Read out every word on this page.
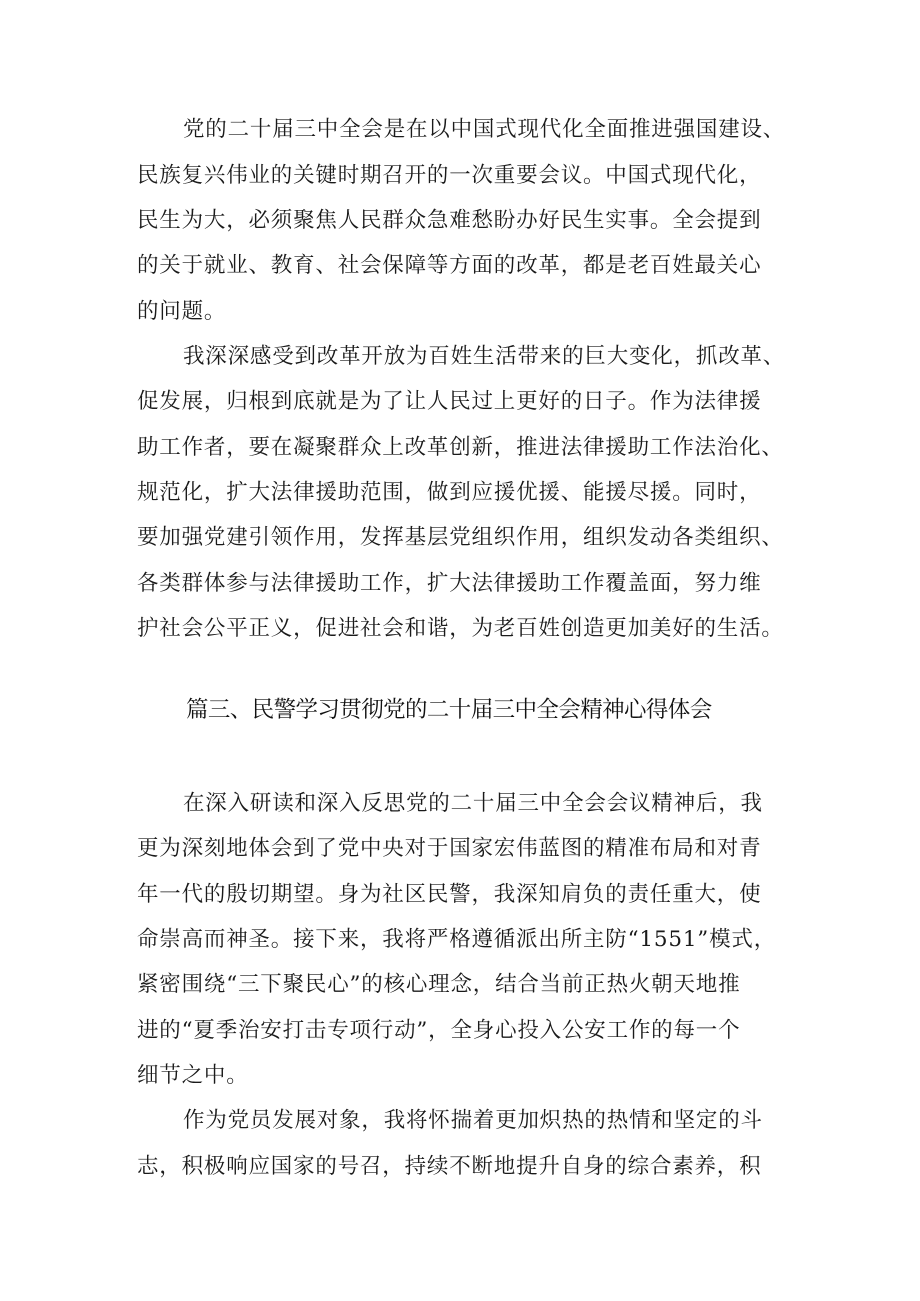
党的二十届三中全会是在以中国式现代化全面推进强国建设、

民族复兴伟业的关键时期召开的一次重要会议。中国式现代化，

民生为大，必须聚焦人民群众急难愁盼办好民生实事。全会提到

的关于就业、教育、社会保障等方面的改革，都是老百姓最关心

的问题。

我深深感受到改革开放为百姓生活带来的巨大变化，抓改革、

促发展，归根到底就是为了让人民过上更好的日子。作为法律援

助工作者，要在凝聚群众上改革创新，推进法律援助工作法治化、

规范化，扩大法律援助范围，做到应援优援、能援尽援。同时，

要加强党建引领作用，发挥基层党组织作用，组织发动各类组织、

各类群体参与法律援助工作，扩大法律援助工作覆盖面，努力维

护社会公平正义，促进社会和谐，为老百姓创造更加美好的生活。

篇三、民警学习贯彻党的二十届三中全会精神心得体会

在深入研读和深入反思党的二十届三中全会会议精神后，我

更为深刻地体会到了党中央对于国家宏伟蓝图的精准布局和对青

年一代的殷切期望。身为社区民警，我深知肩负的责任重大，使

命崇高而神圣。接下来，我将严格遵循派出所主防“1551”模式，

紧密围绕“三下聚民心”的核心理念，结合当前正热火朝天地推

进的“夏季治安打击专项行动”，全身心投入公安工作的每一个

细节之中。

作为党员发展对象，我将怀揣着更加炽热的热情和坚定的斗

志，积极响应国家的号召，持续不断地提升自身的综合素养，积
